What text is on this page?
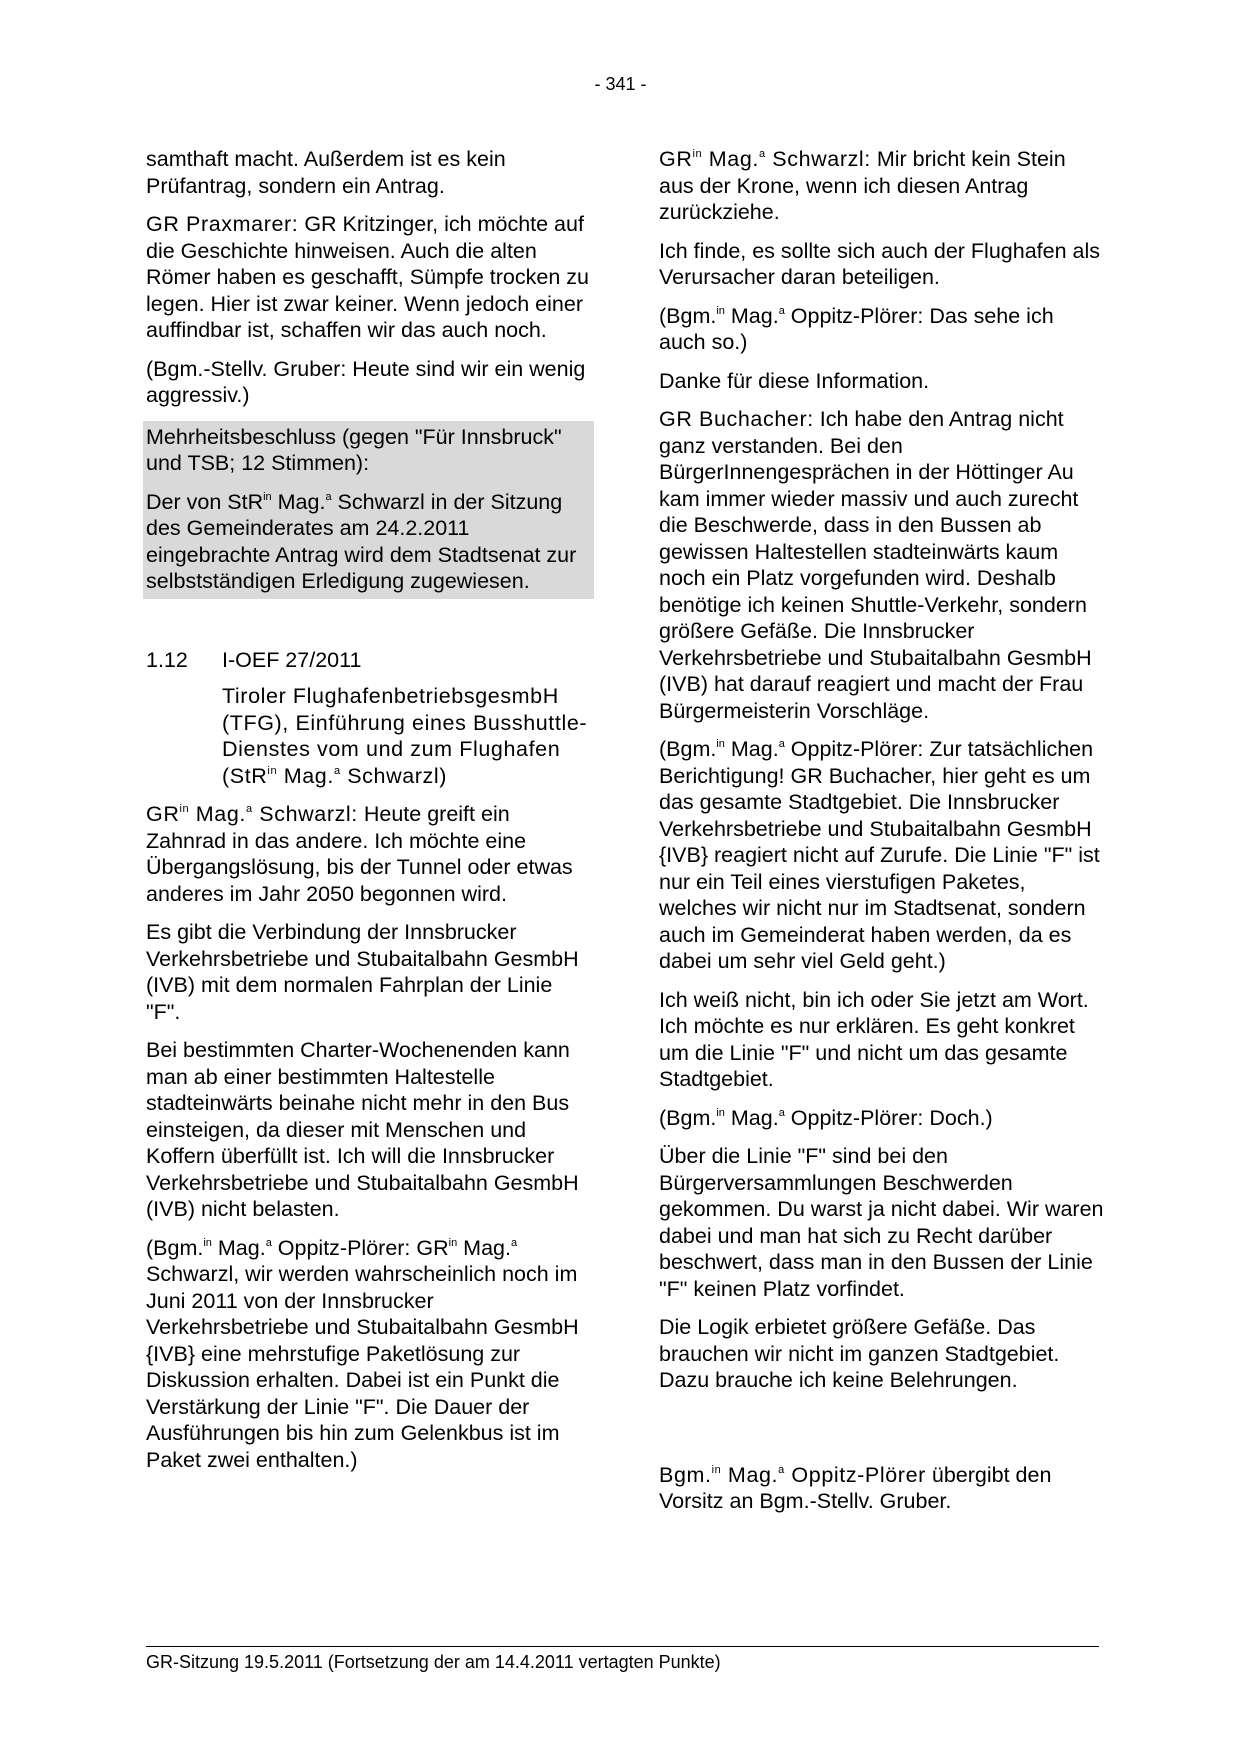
- 341 -

samthaft macht. Außerdem ist es kein Prüfantrag, sondern ein Antrag.

GR Praxmarer: GR Kritzinger, ich möchte auf die Geschichte hinweisen. Auch die alten Römer haben es geschafft, Sümpfe trocken zu legen. Hier ist zwar keiner. Wenn jedoch einer auffindbar ist, schaffen wir das auch noch.

(Bgm.-Stellv. Gruber: Heute sind wir ein wenig aggressiv.)

Mehrheitsbeschluss (gegen "Für Innsbruck" und TSB; 12 Stimmen):

Der von StR$^{in}$ Mag.$^a$ Schwarzl in der Sitzung des Gemeinderates am 24.2.2011 eingebrachte Antrag wird dem Stadtsenat zur selbstständigen Erledigung zugewiesen.

1.12	I-OEF 27/2011
Tiroler FlughafenbetriebsgesmbH (TFG), Einführung eines Busshuttle-Dienstes vom und zum Flughafen (StR$^{in}$ Mag.$^a$ Schwarzl)

$GR^{in}$ Mag.$^a$ Schwarzl: Heute greift ein Zahnrad in das andere. Ich möchte eine Übergangslösung, bis der Tunnel oder etwas anderes im Jahr 2050 begonnen wird.

Es gibt die Verbindung der Innsbrucker Verkehrsbetriebe und Stubaitalbahn GesmbH (IVB) mit dem normalen Fahrplan der Linie "F".

Bei bestimmten Charter-Wochenenden kann man ab einer bestimmten Haltestelle stadteinwärts beinahe nicht mehr in den Bus einsteigen, da dieser mit Menschen und Koffern überfüllt ist. Ich will die Innsbrucker Verkehrsbetriebe und Stubaitalbahn GesmbH (IVB) nicht belasten.

(Bgm.$^{in}$ Mag.$^a$ Oppitz-Plörer: $GR^{in}$ Mag.$^a$ Schwarzl, wir werden wahrscheinlich noch im Juni 2011 von der Innsbrucker Verkehrsbetriebe und Stubaitalbahn GesmbH {IVB} eine mehrstufige Paketlösung zur Diskussion erhalten. Dabei ist ein Punkt die Verstärkung der Linie "F". Die Dauer der Ausführungen bis hin zum Gelenkbus ist im Paket zwei enthalten.)

$GR^{in}$ Mag.$^a$ Schwarzl: Mir bricht kein Stein aus der Krone, wenn ich diesen Antrag zurückziehe.

Ich finde, es sollte sich auch der Flughafen als Verursacher daran beteiligen.

(Bgm.$^{in}$ Mag.$^a$ Oppitz-Plörer: Das sehe ich auch so.)

Danke für diese Information.

GR Buchacher: Ich habe den Antrag nicht ganz verstanden. Bei den BürgerInnengesprächen in der Höttinger Au kam immer wieder massiv und auch zurecht die Beschwerde, dass in den Bussen ab gewissen Haltestellen stadteinwärts kaum noch ein Platz vorgefunden wird. Deshalb benötige ich keinen Shuttle-Verkehr, sondern größere Gefäße. Die Innsbrucker Verkehrsbetriebe und Stubaitalbahn GesmbH (IVB) hat darauf reagiert und macht der Frau Bürgermeisterin Vorschläge.

(Bgm.$^{in}$ Mag.$^a$ Oppitz-Plörer: Zur tatsächlichen Berichtigung! GR Buchacher, hier geht es um das gesamte Stadtgebiet. Die Innsbrucker Verkehrsbetriebe und Stubaitalbahn GesmbH {IVB} reagiert nicht auf Zurufe. Die Linie "F" ist nur ein Teil eines vierstufigen Paketes, welches wir nicht nur im Stadtsenat, sondern auch im Gemeinderat haben werden, da es dabei um sehr viel Geld geht.)

Ich weiß nicht, bin ich oder Sie jetzt am Wort. Ich möchte es nur erklären. Es geht konkret um die Linie "F" und nicht um das gesamte Stadtgebiet.

(Bgm.$^{in}$ Mag.$^a$ Oppitz-Plörer: Doch.)

Über die Linie "F" sind bei den Bürgerversammlungen Beschwerden gekommen. Du warst ja nicht dabei. Wir waren dabei und man hat sich zu Recht darüber beschwert, dass man in den Bussen der Linie "F" keinen Platz vorfindet.

Die Logik erbietet größere Gefäße. Das brauchen wir nicht im ganzen Stadtgebiet. Dazu brauche ich keine Belehrungen.

Bgm.$^{in}$ Mag.$^a$ Oppitz-Plörer übergibt den Vorsitz an Bgm.-Stellv. Gruber.

GR-Sitzung 19.5.2011 (Fortsetzung der am 14.4.2011 vertagten Punkte)
